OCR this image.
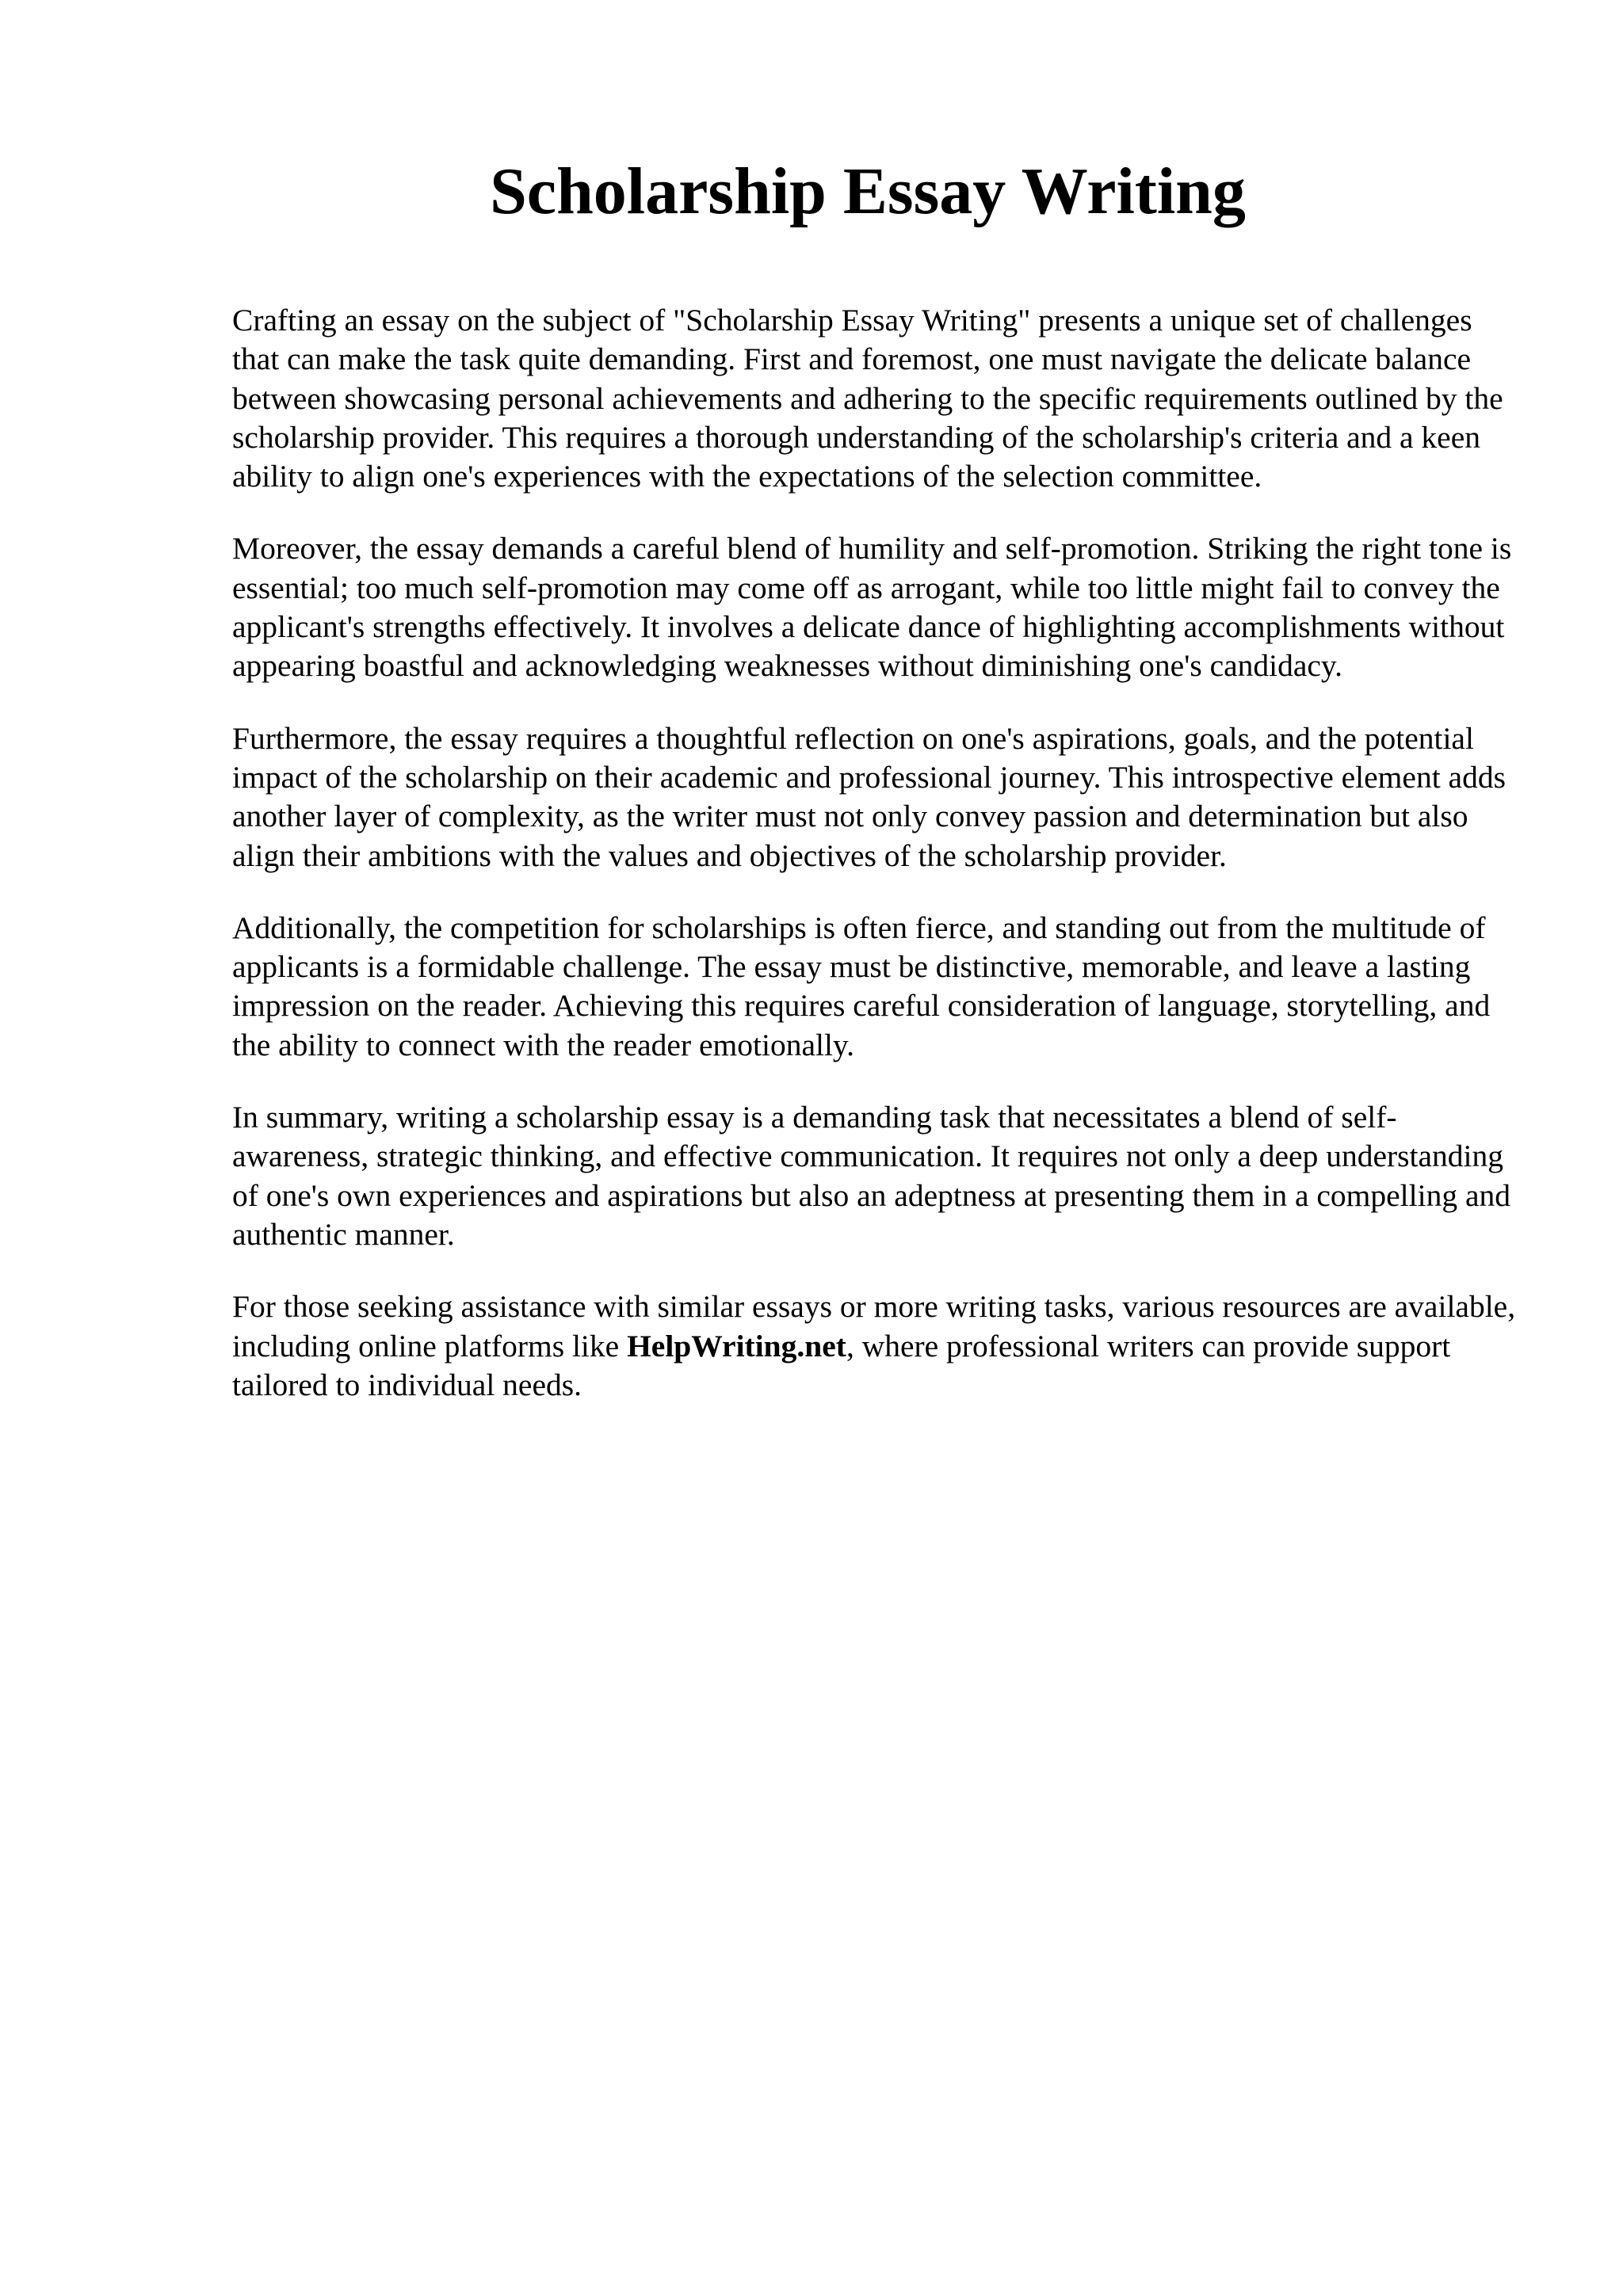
Scholarship Essay Writing

Crafting an essay on the subject of "Scholarship Essay Writing" presents a unique set of challenges that can make the task quite demanding. First and foremost, one must navigate the delicate balance between showcasing personal achievements and adhering to the specific requirements outlined by the scholarship provider. This requires a thorough understanding of the scholarship's criteria and a keen ability to align one's experiences with the expectations of the selection committee.

Moreover, the essay demands a careful blend of humility and self-promotion. Striking the right tone is essential; too much self-promotion may come off as arrogant, while too little might fail to convey the applicant's strengths effectively. It involves a delicate dance of highlighting accomplishments without appearing boastful and acknowledging weaknesses without diminishing one's candidacy.

Furthermore, the essay requires a thoughtful reflection on one's aspirations, goals, and the potential impact of the scholarship on their academic and professional journey. This introspective element adds another layer of complexity, as the writer must not only convey passion and determination but also align their ambitions with the values and objectives of the scholarship provider.

Additionally, the competition for scholarships is often fierce, and standing out from the multitude of applicants is a formidable challenge. The essay must be distinctive, memorable, and leave a lasting impression on the reader. Achieving this requires careful consideration of language, storytelling, and the ability to connect with the reader emotionally.

In summary, writing a scholarship essay is a demanding task that necessitates a blend of self-awareness, strategic thinking, and effective communication. It requires not only a deep understanding of one's own experiences and aspirations but also an adeptness at presenting them in a compelling and authentic manner.

For those seeking assistance with similar essays or more writing tasks, various resources are available, including online platforms like HelpWriting.net, where professional writers can provide support tailored to individual needs.
